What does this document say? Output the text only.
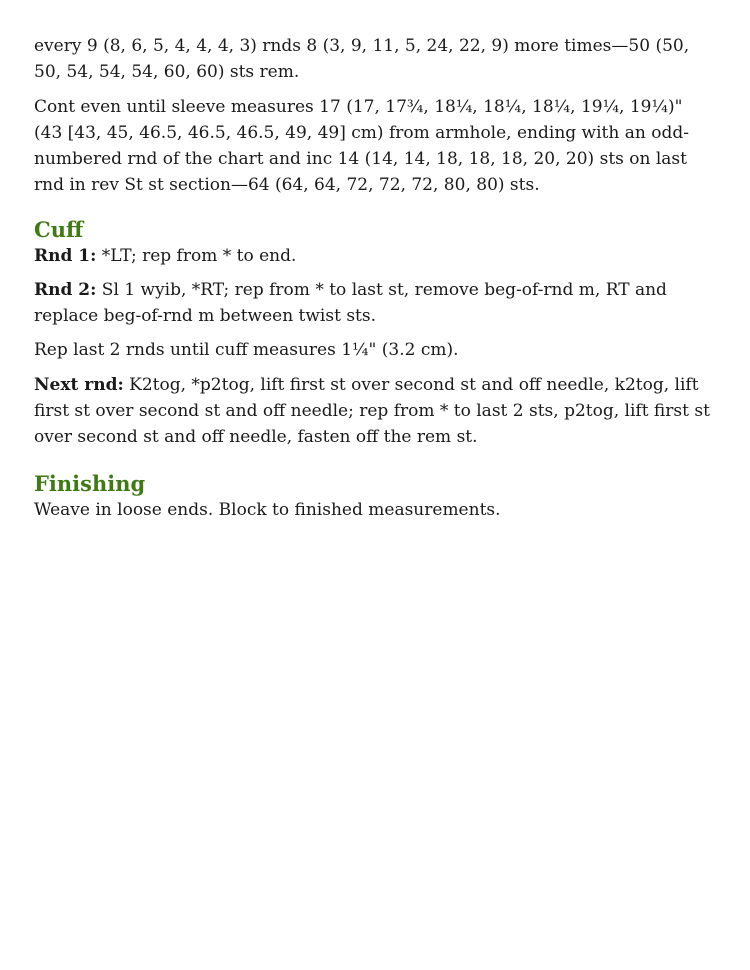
every 9 (8, 6, 5, 4, 4, 4, 3) rnds 8 (3, 9, 11, 5, 24, 22, 9) more times—50 (50, 50, 54, 54, 54, 60, 60) sts rem.

Cont even until sleeve measures 17 (17, 17¾, 18¼, 18¼, 18¼, 19¼, 19¼)" (43 [43, 45, 46.5, 46.5, 46.5, 49, 49] cm) from armhole, ending with an odd-numbered rnd of the chart and inc 14 (14, 14, 18, 18, 18, 20, 20) sts on last rnd in rev St st section—64 (64, 64, 72, 72, 72, 80, 80) sts.

Cuff

Rnd 1: *LT; rep from * to end.

Rnd 2: Sl 1 wyib, *RT; rep from * to last st, remove beg-of-rnd m, RT and replace beg-of-rnd m between twist sts.

Rep last 2 rnds until cuff measures 1¼" (3.2 cm).

Next rnd: K2tog, *p2tog, lift first st over second st and off needle, k2tog, lift first st over second st and off needle; rep from * to last 2 sts, p2tog, lift first st over second st and off needle, fasten off the rem st.

Finishing

Weave in loose ends. Block to finished measurements.
